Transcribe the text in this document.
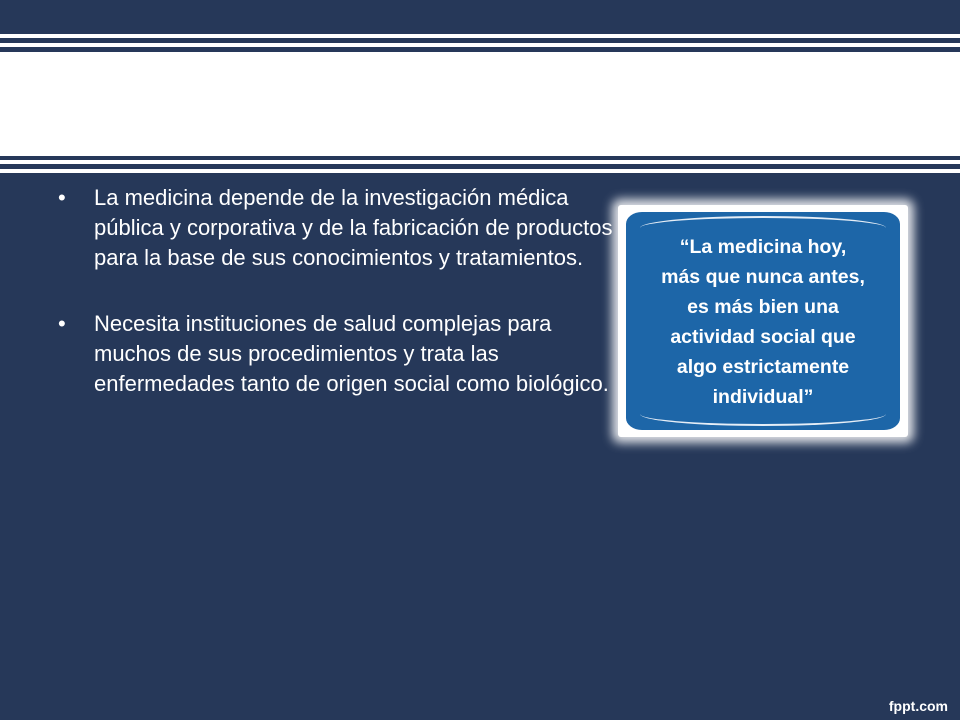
• La medicina depende de la investigación médica pública y corporativa y de la fabricación de productos para la base de sus conocimientos y tratamientos.
• Necesita instituciones de salud complejas para muchos de sus procedimientos y trata las enfermedades tanto de origen social como biológico.
“La medicina hoy,
más que nunca antes,
es más bien una
actividad social que
algo estrictamente
individual”
fppt.com
